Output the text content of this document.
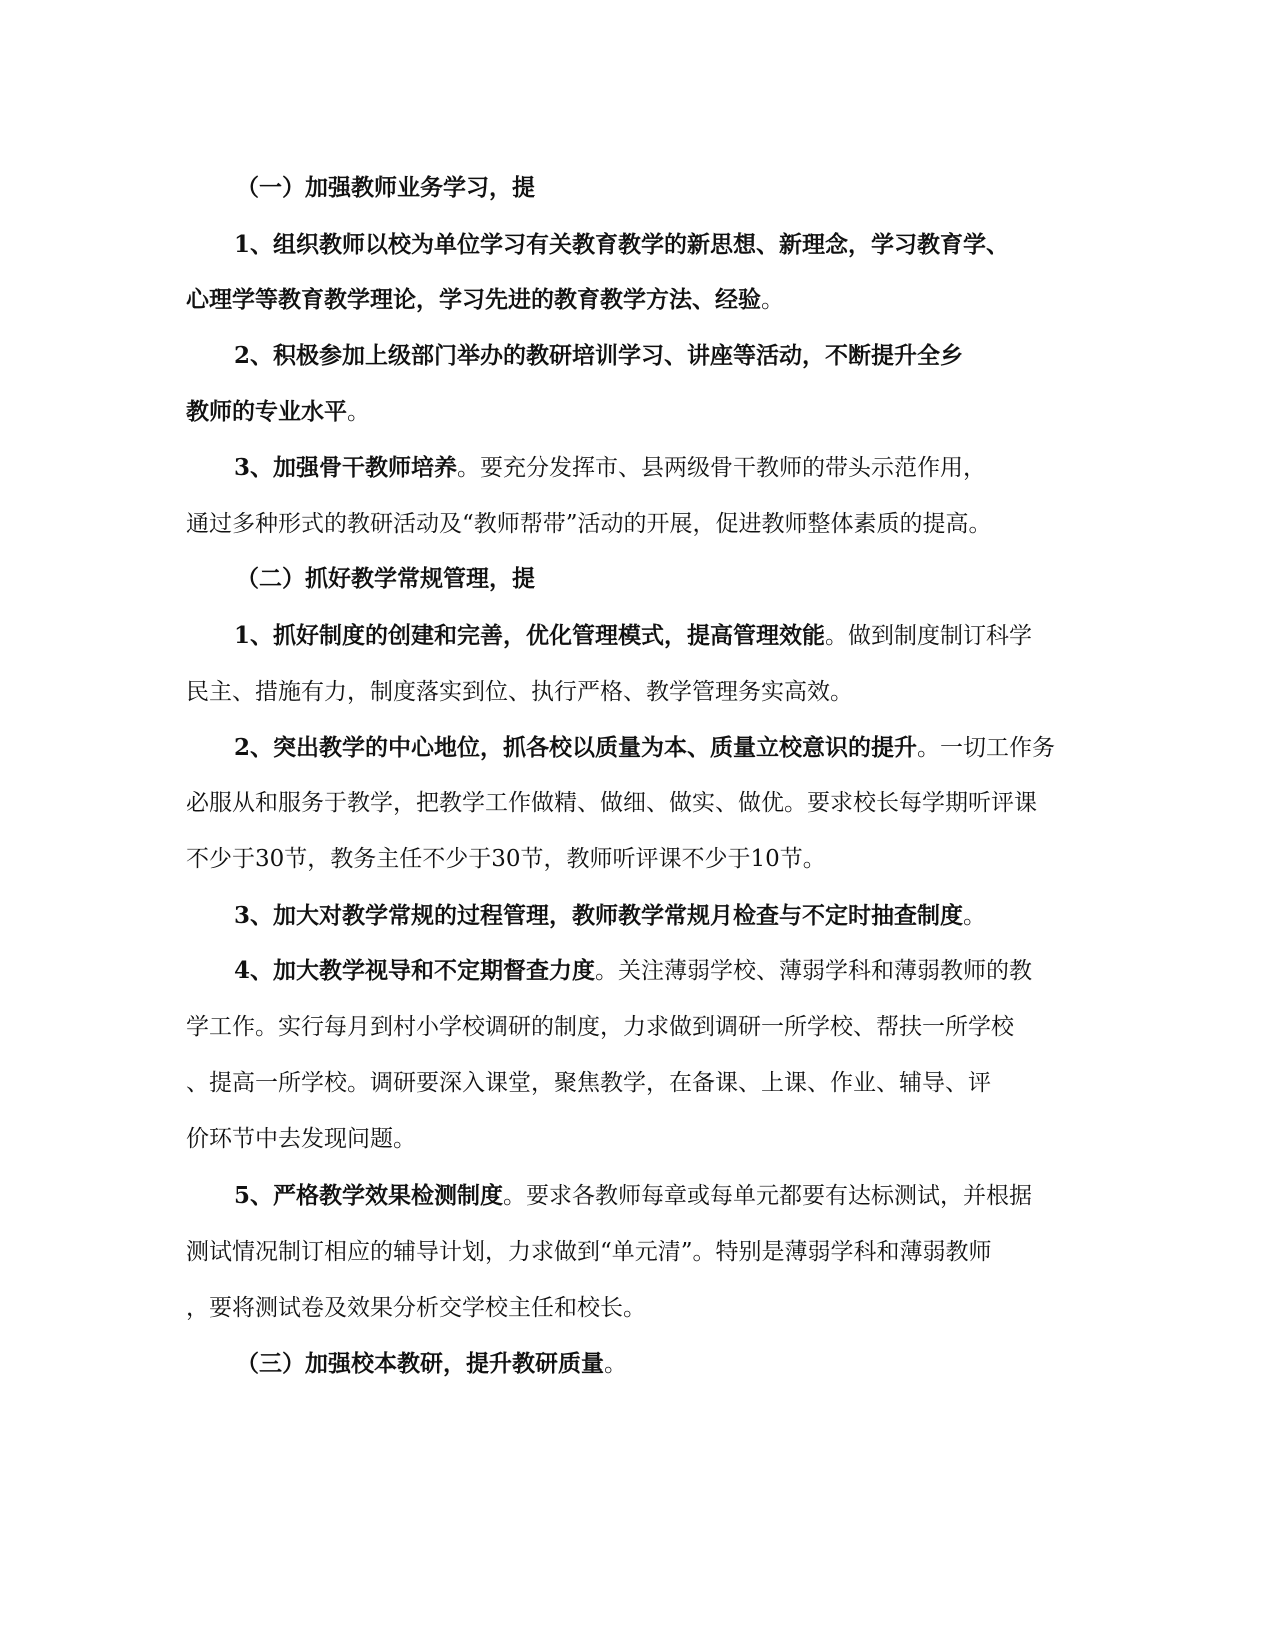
（一）加强教师业务学习，提
1、组织教师以校为单位学习有关教育教学的新思想、新理念，学习教育学、
心理学等教育教学理论，学习先进的教育教学方法、经验。
2、积极参加上级部门举办的教研培训学习、讲座等活动，不断提升全乡
教师的专业水平。
3、加强骨干教师培养。要充分发挥市、县两级骨干教师的带头示范作用，
通过多种形式的教研活动及“教师帮带”活动的开展，促进教师整体素质的提高。
（二）抓好教学常规管理，提
1、抓好制度的创建和完善，优化管理模式，提高管理效能。做到制度制订科学
民主、措施有力，制度落实到位、执行严格、教学管理务实高效。
2、突出教学的中心地位，抓各校以质量为本、质量立校意识的提升。一切工作务
必服从和服务于教学，把教学工作做精、做细、做实、做优。要求校长每学期听评课
不少于30节，教务主任不少于30节，教师听评课不少于10节。
3、加大对教学常规的过程管理，教师教学常规月检查与不定时抽查制度。
4、加大教学视导和不定期督查力度。关注薄弱学校、薄弱学科和薄弱教师的教
学工作。实行每月到村小学校调研的制度，力求做到调研一所学校、帮扶一所学校
、提高一所学校。调研要深入课堂，聚焦教学，在备课、上课、作业、辅导、评
价环节中去发现问题。
5、严格教学效果检测制度。要求各教师每章或每单元都要有达标测试，并根据
测试情况制订相应的辅导计划，力求做到“单元清”。特别是薄弱学科和薄弱教师
，要将测试卷及效果分析交学校主任和校长。
（三）加强校本教研，提升教研质量。
